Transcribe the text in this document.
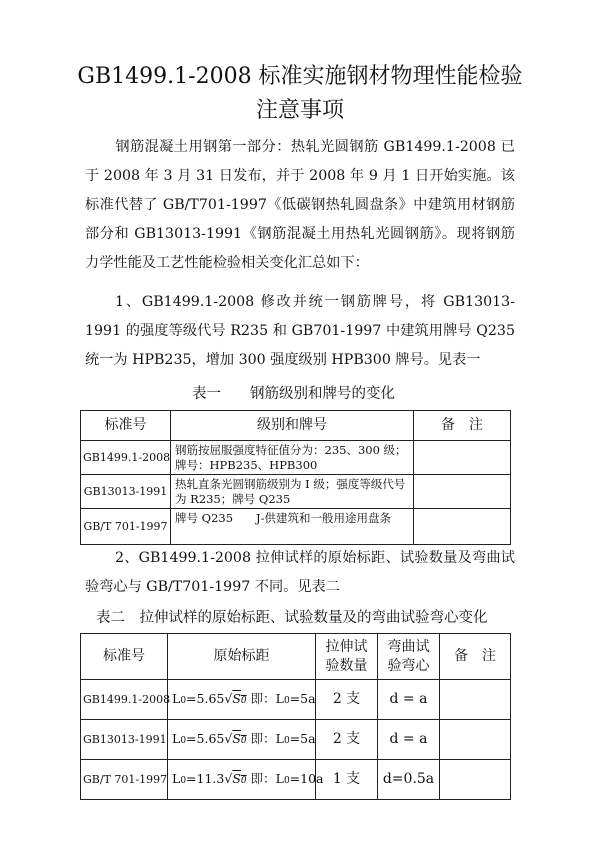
GB1499.1-2008 标准实施钢材物理性能检验
注意事项
钢筋混凝土用钢第一部分：热轧光圆钢筋 GB1499.1-2008 已于 2008 年 3 月 31 日发布，并于 2008 年 9 月 1 日开始实施。该标准代替了 GB/T701-1997《低碳钢热轧圆盘条》中建筑用材钢筋部分和 GB13013-1991《钢筋混凝土用热轧光圆钢筋》。现将钢筋力学性能及工艺性能检验相关变化汇总如下：
1、GB1499.1-2008 修改并统一钢筋牌号，将 GB13013-1991 的强度等级代号 R235 和 GB701-1997 中建筑用牌号 Q235 统一为 HPB235，增加 300 强度级别 HPB300 牌号。见表一
表一　　钢筋级别和牌号的变化
标准号	级别和牌号	备　注
GB1499.1-2008	钢筋按屈服强度特征值分为：235、300 级；牌号：HPB235、HPB300	
GB13013-1991	热轧直条光圆钢筋级别为 Ⅰ 级；强度等级代号为 R235；牌号 Q235	
GB/T 701-1997	牌号 Q235　　J-供建筑和一般用途用盘条	
2、GB1499.1-2008 拉伸试样的原始标距、试验数量及弯曲试验弯心与 GB/T701-1997 不同。见表二
表二　拉伸试样的原始标距、试验数量及的弯曲试验弯心变化
标准号	原始标距	拉伸试验数量	弯曲试验弯心	备　注
GB1499.1-2008	L0=5.65√S0 即：L0=5a	2 支	d = a	
GB13013-1991	L0=5.65√S0 即：L0=5a	2 支	d = a	
GB/T 701-1997	L0=11.3√S0 即：L0=10a	1 支	d=0.5a	
